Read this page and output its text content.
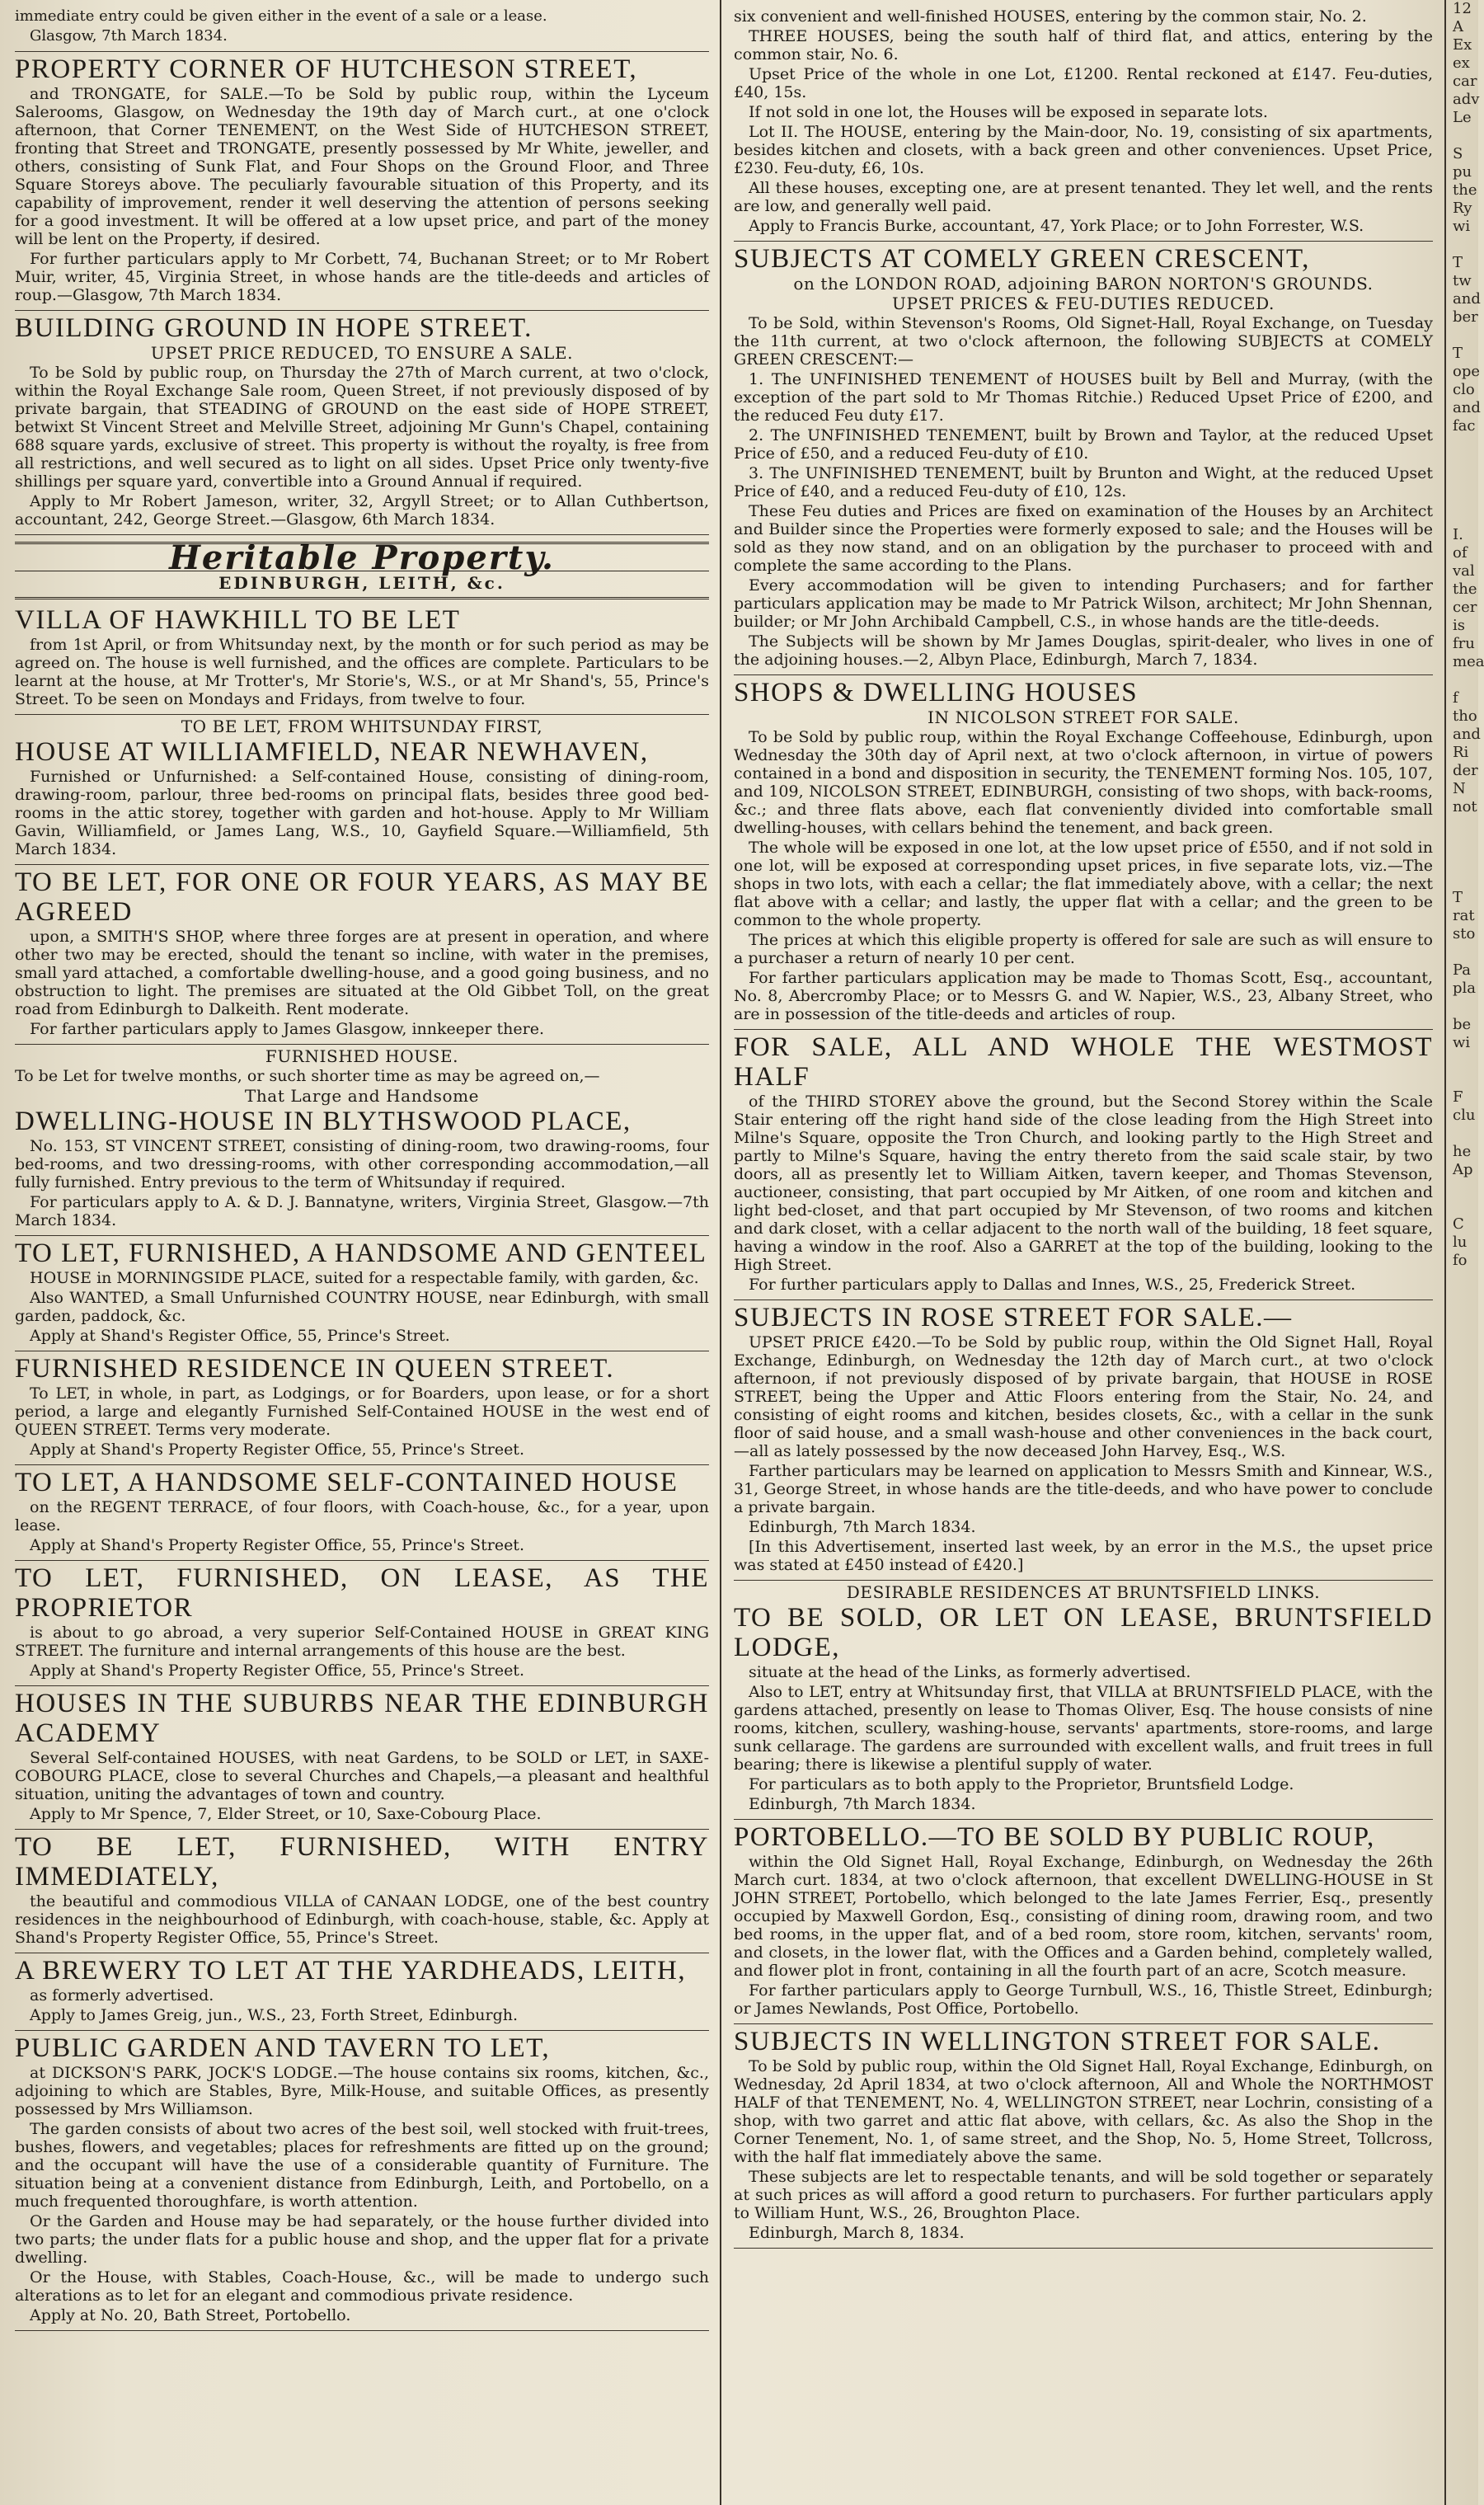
immediate entry could be given either in the event of a sale or a lease.

Glasgow, 7th March 1834.

PROPERTY CORNER OF HUTCHESON STREET,

and TRONGATE, for SALE.—To be Sold by public roup, within the Lyceum Salerooms, Glasgow, on Wednesday the 19th day of March curt., at one o'clock afternoon, that Corner TENEMENT, on the West Side of HUTCHESON STREET, fronting that Street and TRONGATE, presently possessed by Mr White, jeweller, and others, consisting of Sunk Flat, and Four Shops on the Ground Floor, and Three Square Storeys above. The peculiarly favourable situation of this Property, and its capability of improvement, render it well deserving the attention of persons seeking for a good investment. It will be offered at a low upset price, and part of the money will be lent on the Property, if desired.

For further particulars apply to Mr Corbett, 74, Buchanan Street; or to Mr Robert Muir, writer, 45, Virginia Street, in whose hands are the title-deeds and articles of roup.—Glasgow, 7th March 1834.

BUILDING GROUND IN HOPE STREET.
UPSET PRICE REDUCED, TO ENSURE A SALE.

To be Sold by public roup, on Thursday the 27th of March current, at two o'clock, within the Royal Exchange Sale room, Queen Street, if not previously disposed of by private bargain, that STEADING of GROUND on the east side of HOPE STREET, betwixt St Vincent Street and Melville Street, adjoining Mr Gunn's Chapel, containing 688 square yards, exclusive of street. This property is without the royalty, is free from all restrictions, and well secured as to light on all sides. Upset Price only twenty-five shillings per square yard, convertible into a Ground Annual if required.

Apply to Mr Robert Jameson, writer, 32, Argyll Street; or to Allan Cuthbertson, accountant, 242, George Street.—Glasgow, 6th March 1834.

Heritable Property.
EDINBURGH, LEITH, &c.
VILLA OF HAWKHILL TO BE LET

from 1st April, or from Whitsunday next, by the month or for such period as may be agreed on. The house is well furnished, and the offices are complete. Particulars to be learnt at the house, at Mr Trotter's, Mr Storie's, W.S., or at Mr Shand's, 55, Prince's Street. To be seen on Mondays and Fridays, from twelve to four.

TO BE LET, FROM WHITSUNDAY FIRST,
HOUSE AT WILLIAMFIELD, NEAR NEWHAVEN,

Furnished or Unfurnished: a Self-contained House, consisting of dining-room, drawing-room, parlour, three bed-rooms on principal flats, besides three good bed-rooms in the attic storey, together with garden and hot-house. Apply to Mr William Gavin, Williamfield, or James Lang, W.S., 10, Gayfield Square.—Williamfield, 5th March 1834.

TO BE LET, FOR ONE OR FOUR YEARS, AS MAY BE AGREED

upon, a SMITH'S SHOP, where three forges are at present in operation, and where other two may be erected, should the tenant so incline, with water in the premises, small yard attached, a comfortable dwelling-house, and a good going business, and no obstruction to light. The premises are situated at the Old Gibbet Toll, on the great road from Edinburgh to Dalkeith. Rent moderate.

For farther particulars apply to James Glasgow, innkeeper there.

FURNISHED HOUSE.

To be Let for twelve months, or such shorter time as may be agreed on,—

That Large and Handsome
DWELLING-HOUSE IN BLYTHSWOOD PLACE,

No. 153, ST VINCENT STREET, consisting of dining-room, two drawing-rooms, four bed-rooms, and two dressing-rooms, with other corresponding accommodation,—all fully furnished. Entry previous to the term of Whitsunday if required.

For particulars apply to A. & D. J. Bannatyne, writers, Virginia Street, Glasgow.—7th March 1834.

TO LET, FURNISHED, A HANDSOME AND GENTEEL

HOUSE in MORNINGSIDE PLACE, suited for a respectable family, with garden, &c.

Also WANTED, a Small Unfurnished COUNTRY HOUSE, near Edinburgh, with small garden, paddock, &c.

Apply at Shand's Register Office, 55, Prince's Street.

FURNISHED RESIDENCE IN QUEEN STREET.

To LET, in whole, in part, as Lodgings, or for Boarders, upon lease, or for a short period, a large and elegantly Furnished Self-Contained HOUSE in the west end of QUEEN STREET. Terms very moderate.

Apply at Shand's Property Register Office, 55, Prince's Street.

TO LET, A HANDSOME SELF-CONTAINED HOUSE

on the REGENT TERRACE, of four floors, with Coach-house, &c., for a year, upon lease.

Apply at Shand's Property Register Office, 55, Prince's Street.

TO LET, FURNISHED, ON LEASE, AS THE PROPRIETOR

is about to go abroad, a very superior Self-Contained HOUSE in GREAT KING STREET. The furniture and internal arrangements of this house are the best.

Apply at Shand's Property Register Office, 55, Prince's Street.

HOUSES IN THE SUBURBS NEAR THE EDINBURGH ACADEMY

Several Self-contained HOUSES, with neat Gardens, to be SOLD or LET, in SAXE-COBOURG PLACE, close to several Churches and Chapels,—a pleasant and healthful situation, uniting the advantages of town and country.

Apply to Mr Spence, 7, Elder Street, or 10, Saxe-Cobourg Place.

TO BE LET, FURNISHED, WITH ENTRY IMMEDIATELY,

the beautiful and commodious VILLA of CANAAN LODGE, one of the best country residences in the neighbourhood of Edinburgh, with coach-house, stable, &c. Apply at Shand's Property Register Office, 55, Prince's Street.

A BREWERY TO LET AT THE YARDHEADS, LEITH,

as formerly advertised.

Apply to James Greig, jun., W.S., 23, Forth Street, Edinburgh.

PUBLIC GARDEN AND TAVERN TO LET,

at DICKSON'S PARK, JOCK'S LODGE.—The house contains six rooms, kitchen, &c., adjoining to which are Stables, Byre, Milk-House, and suitable Offices, as presently possessed by Mrs Williamson.

The garden consists of about two acres of the best soil, well stocked with fruit-trees, bushes, flowers, and vegetables; places for refreshments are fitted up on the ground; and the occupant will have the use of a considerable quantity of Furniture. The situation being at a convenient distance from Edinburgh, Leith, and Portobello, on a much frequented thoroughfare, is worth attention.

Or the Garden and House may be had separately, or the house further divided into two parts; the under flats for a public house and shop, and the upper flat for a private dwelling.

Or the House, with Stables, Coach-House, &c., will be made to undergo such alterations as to let for an elegant and commodious private residence.

Apply at No. 20, Bath Street, Portobello.

six convenient and well-finished HOUSES, entering by the common stair, No. 2.

THREE HOUSES, being the south half of third flat, and attics, entering by the common stair, No. 6.

Upset Price of the whole in one Lot, £1200. Rental reckoned at £147. Feu-duties, £40, 15s.

If not sold in one lot, the Houses will be exposed in separate lots.

Lot II. The HOUSE, entering by the Main-door, No. 19, consisting of six apartments, besides kitchen and closets, with a back green and other conveniences. Upset Price, £230. Feu-duty, £6, 10s.

All these houses, excepting one, are at present tenanted. They let well, and the rents are low, and generally well paid.

Apply to Francis Burke, accountant, 47, York Place; or to John Forrester, W.S.

SUBJECTS AT COMELY GREEN CRESCENT,
on the LONDON ROAD, adjoining BARON NORTON'S GROUNDS.
UPSET PRICES & FEU-DUTIES REDUCED.

To be Sold, within Stevenson's Rooms, Old Signet-Hall, Royal Exchange, on Tuesday the 11th current, at two o'clock afternoon, the following SUBJECTS at COMELY GREEN CRESCENT:—

1. The UNFINISHED TENEMENT of HOUSES built by Bell and Murray, (with the exception of the part sold to Mr Thomas Ritchie.) Reduced Upset Price of £200, and the reduced Feu duty £17.

2. The UNFINISHED TENEMENT, built by Brown and Taylor, at the reduced Upset Price of £50, and a reduced Feu-duty of £10.

3. The UNFINISHED TENEMENT, built by Brunton and Wight, at the reduced Upset Price of £40, and a reduced Feu-duty of £10, 12s.

These Feu duties and Prices are fixed on examination of the Houses by an Architect and Builder since the Properties were formerly exposed to sale; and the Houses will be sold as they now stand, and on an obligation by the purchaser to proceed with and complete the same according to the Plans.

Every accommodation will be given to intending Purchasers; and for farther particulars application may be made to Mr Patrick Wilson, architect; Mr John Shennan, builder; or Mr John Archibald Campbell, C.S., in whose hands are the title-deeds.

The Subjects will be shown by Mr James Douglas, spirit-dealer, who lives in one of the adjoining houses.—2, Albyn Place, Edinburgh, March 7, 1834.

SHOPS & DWELLING HOUSES
IN NICOLSON STREET FOR SALE.

To be Sold by public roup, within the Royal Exchange Coffeehouse, Edinburgh, upon Wednesday the 30th day of April next, at two o'clock afternoon, in virtue of powers contained in a bond and disposition in security, the TENEMENT forming Nos. 105, 107, and 109, NICOLSON STREET, EDINBURGH, consisting of two shops, with back-rooms, &c.; and three flats above, each flat conveniently divided into comfortable small dwelling-houses, with cellars behind the tenement, and back green.

The whole will be exposed in one lot, at the low upset price of £550, and if not sold in one lot, will be exposed at corresponding upset prices, in five separate lots, viz.—The shops in two lots, with each a cellar; the flat immediately above, with a cellar; the next flat above with a cellar; and lastly, the upper flat with a cellar; and the green to be common to the whole property.

The prices at which this eligible property is offered for sale are such as will ensure to a purchaser a return of nearly 10 per cent.

For farther particulars application may be made to Thomas Scott, Esq., accountant, No. 8, Abercromby Place; or to Messrs G. and W. Napier, W.S., 23, Albany Street, who are in possession of the title-deeds and articles of roup.

FOR SALE, ALL AND WHOLE THE WESTMOST HALF

of the THIRD STOREY above the ground, but the Second Storey within the Scale Stair entering off the right hand side of the close leading from the High Street into Milne's Square, opposite the Tron Church, and looking partly to the High Street and partly to Milne's Square, having the entry thereto from the said scale stair, by two doors, all as presently let to William Aitken, tavern keeper, and Thomas Stevenson, auctioneer, consisting, that part occupied by Mr Aitken, of one room and kitchen and light bed-closet, and that part occupied by Mr Stevenson, of two rooms and kitchen and dark closet, with a cellar adjacent to the north wall of the building, 18 feet square, having a window in the roof. Also a GARRET at the top of the building, looking to the High Street.

For further particulars apply to Dallas and Innes, W.S., 25, Frederick Street.

SUBJECTS IN ROSE STREET FOR SALE.—

UPSET PRICE £420.—To be Sold by public roup, within the Old Signet Hall, Royal Exchange, Edinburgh, on Wednesday the 12th day of March curt., at two o'clock afternoon, if not previously disposed of by private bargain, that HOUSE in ROSE STREET, being the Upper and Attic Floors entering from the Stair, No. 24, and consisting of eight rooms and kitchen, besides closets, &c., with a cellar in the sunk floor of said house, and a small wash-house and other conveniences in the back court,—all as lately possessed by the now deceased John Harvey, Esq., W.S.

Farther particulars may be learned on application to Messrs Smith and Kinnear, W.S., 31, George Street, in whose hands are the title-deeds, and who have power to conclude a private bargain.

Edinburgh, 7th March 1834.

[In this Advertisement, inserted last week, by an error in the M.S., the upset price was stated at £450 instead of £420.]

DESIRABLE RESIDENCES AT BRUNTSFIELD LINKS.
TO BE SOLD, OR LET ON LEASE, BRUNTSFIELD LODGE,

situate at the head of the Links, as formerly advertised.

Also to LET, entry at Whitsunday first, that VILLA at BRUNTSFIELD PLACE, with the gardens attached, presently on lease to Thomas Oliver, Esq. The house consists of nine rooms, kitchen, scullery, washing-house, servants' apartments, store-rooms, and large sunk cellarage. The gardens are surrounded with excellent walls, and fruit trees in full bearing; there is likewise a plentiful supply of water.

For particulars as to both apply to the Proprietor, Bruntsfield Lodge.

Edinburgh, 7th March 1834.

PORTOBELLO.—TO BE SOLD BY PUBLIC ROUP,

within the Old Signet Hall, Royal Exchange, Edinburgh, on Wednesday the 26th March curt. 1834, at two o'clock afternoon, that excellent DWELLING-HOUSE in St JOHN STREET, Portobello, which belonged to the late James Ferrier, Esq., presently occupied by Maxwell Gordon, Esq., consisting of dining room, drawing room, and two bed rooms, in the upper flat, and of a bed room, store room, kitchen, servants' room, and closets, in the lower flat, with the Offices and a Garden behind, completely walled, and flower plot in front, containing in all the fourth part of an acre, Scotch measure.

For farther particulars apply to George Turnbull, W.S., 16, Thistle Street, Edinburgh; or James Newlands, Post Office, Portobello.

SUBJECTS IN WELLINGTON STREET FOR SALE.

To be Sold by public roup, within the Old Signet Hall, Royal Exchange, Edinburgh, on Wednesday, 2d April 1834, at two o'clock afternoon, All and Whole the NORTHMOST HALF of that TENEMENT, No. 4, WELLINGTON STREET, near Lochrin, consisting of a shop, with two garret and attic flat above, with cellars, &c. As also the Shop in the Corner Tenement, No. 1, of same street, and the Shop, No. 5, Home Street, Tollcross, with the half flat immediately above the same.

These subjects are let to respectable tenants, and will be sold together or separately at such prices as will afford a good return to purchasers. For further particulars apply to William Hunt, W.S., 26, Broughton Place.

Edinburgh, March 8, 1834.

12
A
Ex
ex
car
adv
Le

S
pu
the
Ry
wi

T
tw
and
ber

T
ope
clo
and
fac

I.
of
val
the
cer
is
fru
mea

f
tho
and
Ri
der
N
not

T
rat
sto

Pa
pla

be
wi

F
clu

he
Ap

C
lu
fo
